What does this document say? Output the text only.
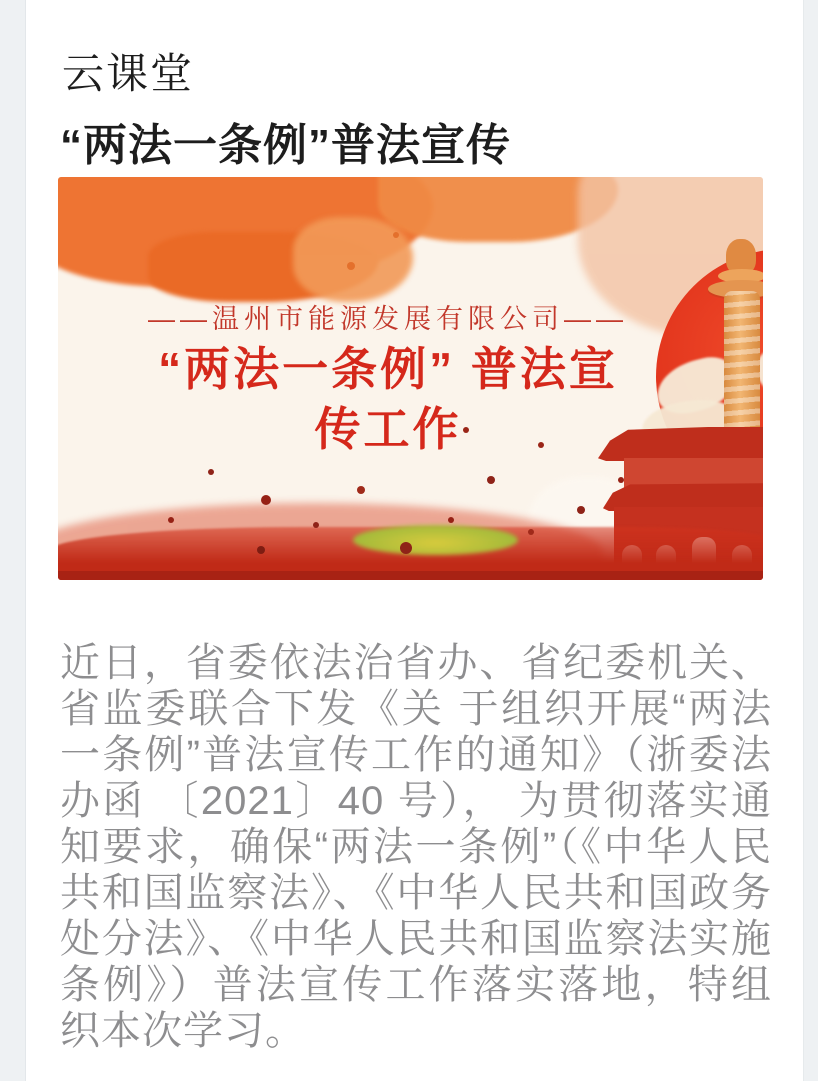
云课堂
“两法一条例”普法宣传
——温州市能源发展有限公司——
“两法一条例” 普法宣
传工作

近日，省委依法治省办、省纪委机关、省监委联合下发《关 于组织开展“两法一条例”普法宣传工作的通知》（浙委法办函 〔2021〕40 号）， 为贯彻落实通知要求，确保“两法一条例”（《中华人民共和国监察法》、《中华人民共和国政务处分法》、《中华人民共和国监察法实施条例》）普法宣传工作落实落地，特组织本次学习。
